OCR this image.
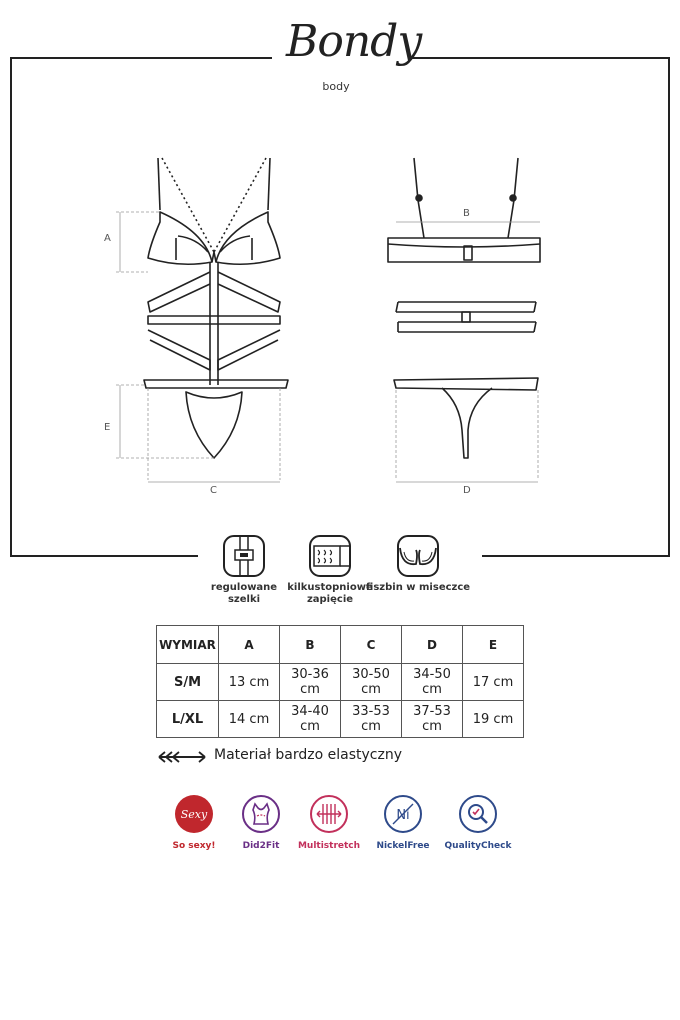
Bondy
body
A
E
C
B
D
regulowane
szelki
kilkustopniowe
zapięcie
fiszbin w miseczce
WYMIAR	A	B	C	D	E
S/M	13 cm	30-36 cm	30-50 cm	34-50 cm	17 cm
L/XL	14 cm	34-40 cm	33-53 cm	37-53 cm	19 cm
Materiał bardzo elastyczny
Sexy	Ni
So sexy!	Did2Fit	Multistretch	NickelFree	QualityCheck
